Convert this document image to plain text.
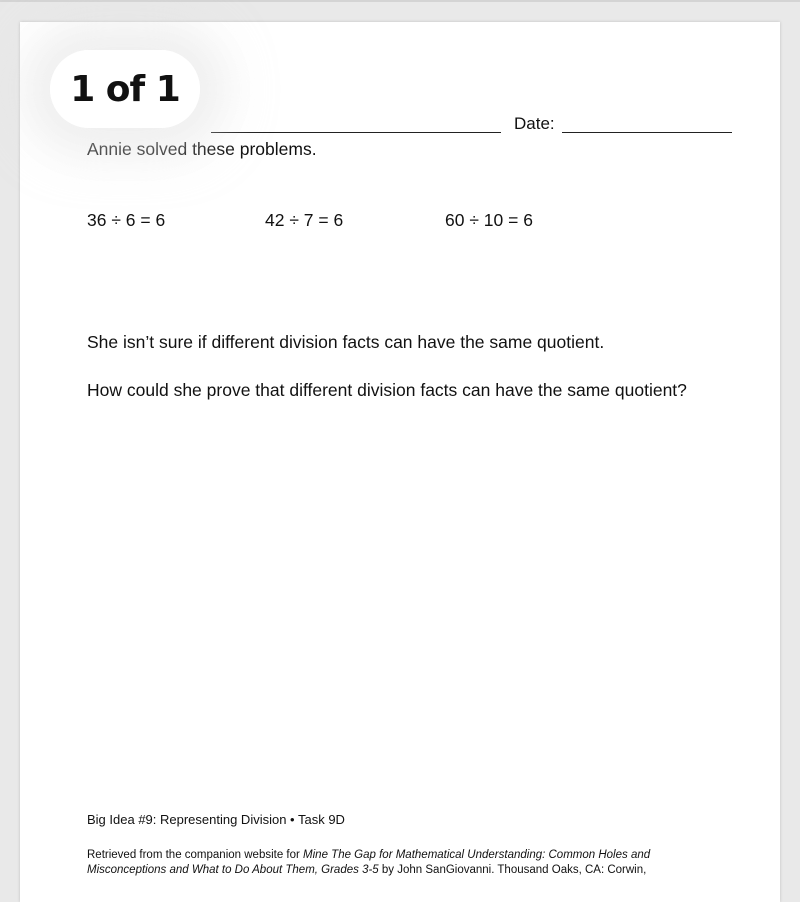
Date:
1 of 1
Annie solved these problems.
36 ÷ 6 = 6	42 ÷ 7 = 6	60 ÷ 10 = 6
She isn’t sure if different division facts can have the same quotient.
How could she prove that different division facts can have the same quotient?
Big Idea #9: Representing Division • Task 9D
Retrieved from the companion website for Mine The Gap for Mathematical Understanding: Common Holes and Misconceptions and What to Do About Them, Grades 3-5 by John SanGiovanni. Thousand Oaks, CA: Corwin,
